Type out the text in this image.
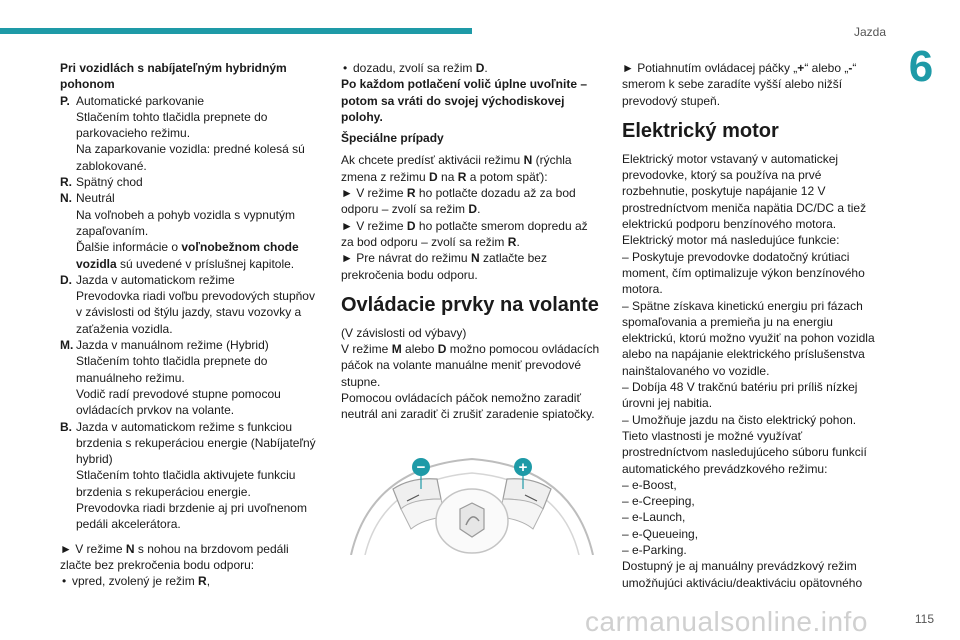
Jazda
6

Pri vozidlách s nabíjateľným hybridným pohonom

P. Automatické parkovanie

Stlačením tohto tlačidla prepnete do parkovacieho režimu.

Na zaparkovanie vozidla: predné kolesá sú zablokované.

R. Spätný chod

N. Neutrál

Na voľnobeh a pohyb vozidla s vypnutým zapaľovaním.

Ďalšie informácie o voľnobežnom chode vozidla sú uvedené v príslušnej kapitole.

D. Jazda v automatickom režime

Prevodovka riadi voľbu prevodových stupňov v závislosti od štýlu jazdy, stavu vozovky a zaťaženia vozidla.

M. Jazda v manuálnom režime (Hybrid)

Stlačením tohto tlačidla prepnete do manuálneho režimu.

Vodič radí prevodové stupne pomocou ovládacích prvkov na volante.

B. Jazda v automatickom režime s funkciou brzdenia s rekuperáciou energie (Nabíjateľný hybrid)

Stlačením tohto tlačidla aktivujete funkciu brzdenia s rekuperáciou energie.

Prevodovka riadi brzdenie aj pri uvoľnenom pedáli akcelerátora.

► V režime N s nohou na brzdovom pedáli zlačte bez prekročenia bodu odporu:

• vpred, zvolený je režim R,

• dozadu, zvolí sa režim D.

Po každom potlačení volič úplne uvoľnite – potom sa vráti do svojej východiskovej polohy.

Špeciálne prípady

Ak chcete predísť aktivácii režimu N (rýchla zmena z režimu D na R a potom späť):

► V režime R ho potlačte dozadu až za bod odporu – zvolí sa režim D.

► V režime D ho potlačte smerom dopredu až za bod odporu – zvolí sa režim R.

► Pre návrat do režimu N zatlačte bez prekročenia bodu odporu.

Ovládacie prvky na volante

(V závislosti od výbavy)

V režime M alebo D možno pomocou ovládacích páčok na volante manuálne meniť prevodové stupne.

Pomocou ovládacích páčok nemožno zaradiť neutrál ani zaradiť či zrušiť zaradenie spiatočky.

−	+

► Potiahnutím ovládacej páčky „+“ alebo „-“ smerom k sebe zaradíte vyšší alebo nižší prevodový stupeň.

Elektrický motor

Elektrický motor vstavaný v automatickej prevodovke, ktorý sa používa na prvé rozbehnutie, poskytuje napájanie 12 V prostredníctvom meniča napätia DC/DC a tiež elektrickú podporu benzínového motora.

Elektrický motor má nasledujúce funkcie:

– Poskytuje prevodovke dodatočný krútiaci moment, čím optimalizuje výkon benzínového motora.

– Spätne získava kinetickú energiu pri fázach spomaľovania a premieňa ju na energiu elektrickú, ktorú možno využiť na pohon vozidla alebo na napájanie elektrického príslušenstva nainštalovaného vo vozidle.

– Dobíja 48 V trakčnú batériu pri príliš nízkej úrovni jej nabitia.

– Umožňuje jazdu na čisto elektrický pohon.

Tieto vlastnosti je možné využívať prostredníctvom nasledujúceho súboru funkcií automatického prevádzkového režimu:

– e-Boost,

– e-Creeping,

– e-Launch,

– e-Queueing,

– e-Parking.

Dostupný je aj manuálny prevádzkový režim umožňujúci aktiváciu/deaktiváciu opätovného

carmanualsonline.info	115
